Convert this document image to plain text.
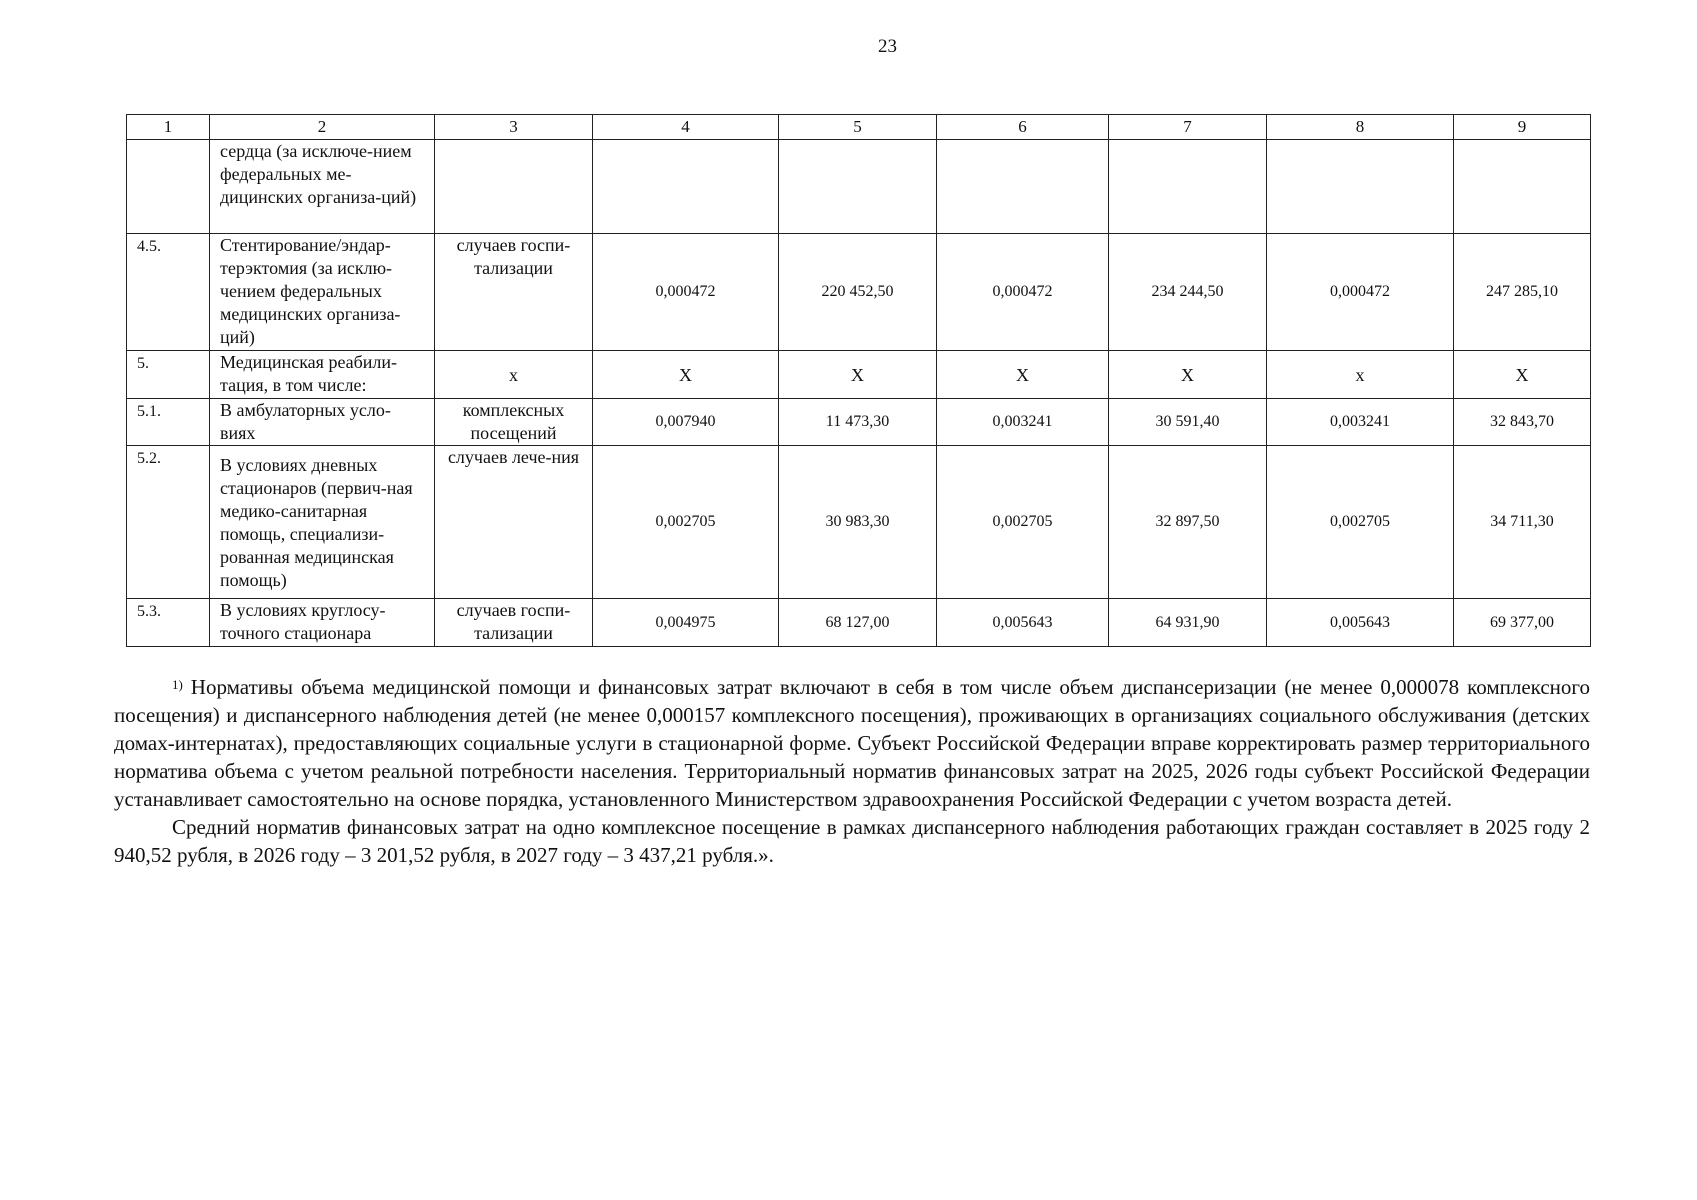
23
1	2	3	4	5	6	7	8	9
	сердца (за исключе-нием федеральных ме-дицинских организа-ций)							
4.5.	Стентирование/эндар-терэктомия (за исклю-чением федеральных медицинских организа-ций)	случаев госпи-тализации	0,000472	220 452,50	0,000472	234 244,50	0,000472	247 285,10
5.	Медицинская реабили-тация, в том числе:	х	Х	Х	Х	Х	х	Х
5.1.	В амбулаторных усло-виях	комплексных посещений	0,007940	11 473,30	0,003241	30 591,40	0,003241	32 843,70
5.2.	В условиях дневных стационаров (первич-ная медико-санитарная помощь, специализи-рованная медицинская помощь)	случаев лече-ния	0,002705	30 983,30	0,002705	32 897,50	0,002705	34 711,30
5.3.	В условиях круглосу-точного стационара	случаев госпи-тализации	0,004975	68 127,00	0,005643	64 931,90	0,005643	69 377,00

$^{1)}$ Нормативы объема медицинской помощи и финансовых затрат включают в себя в том числе объем диспансеризации (не менее 0,000078 комплексного посещения) и диспансерного наблюдения детей (не менее 0,000157 комплексного посещения), проживающих в организациях социального обслуживания (детских домах-интернатах), предоставляющих социальные услуги в стационарной форме. Субъект Российской Федерации вправе корректировать размер территориального норматива объема с учетом реальной потребности населения. Территориальный норматив финансовых затрат на 2025, 2026 годы субъект Российской Федерации устанавливает самостоятельно на основе порядка, установленного Министерством здравоохранения Российской Федерации с учетом возраста детей.

Средний норматив финансовых затрат на одно комплексное посещение в рамках диспансерного наблюдения работающих граждан составляет в 2025 году 2 940,52 рубля, в 2026 году – 3 201,52 рубля, в 2027 году – 3 437,21 рубля.».
